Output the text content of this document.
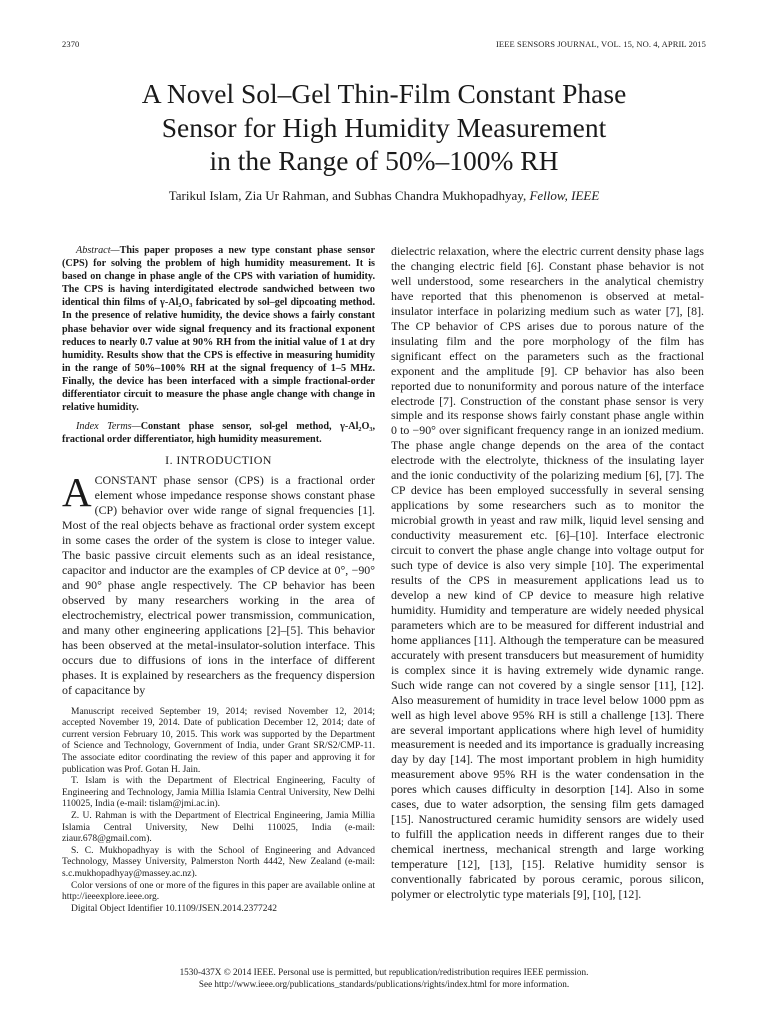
2370	IEEE SENSORS JOURNAL, VOL. 15, NO. 4, APRIL 2015
A Novel Sol–Gel Thin-Film Constant Phase
Sensor for High Humidity Measurement
in the Range of 50%–100% RH
Tarikul Islam, Zia Ur Rahman, and Subhas Chandra Mukhopadhyay, Fellow, IEEE

Abstract—This paper proposes a new type constant phase sensor (CPS) for solving the problem of high humidity measurement. It is based on change in phase angle of the CPS with variation of humidity. The CPS is having interdigitated electrode sandwiched between two identical thin films of γ-Al₂O₃ fabricated by sol–gel dipcoating method. In the presence of relative humidity, the device shows a fairly constant phase behavior over wide signal frequency and its fractional exponent reduces to nearly 0.7 value at 90% RH from the initial value of 1 at dry humidity. Results show that the CPS is effective in measuring humidity in the range of 50%–100% RH at the signal frequency of 1–5 MHz. Finally, the device has been interfaced with a simple fractional-order differentiator circuit to measure the phase angle change with change in relative humidity.

Index Terms—Constant phase sensor, sol-gel method, γ-Al₂O₃, fractional order differentiator, high humidity measurement.

I. INTRODUCTION

ACONSTANT phase sensor (CPS) is a fractional order element whose impedance response shows constant phase (CP) behavior over wide range of signal frequencies [1]. Most of the real objects behave as fractional order system except in some cases the order of the system is close to integer value. The basic passive circuit elements such as an ideal resistance, capacitor and inductor are the examples of CP device at 0°, −90° and 90° phase angle respectively. The CP behavior has been observed by many researchers working in the area of electrochemistry, electrical power transmission, communication, and many other engineering applications [2]–[5]. This behavior has been observed at the metal-insulator-solution interface. This occurs due to diffusions of ions in the interface of different phases. It is explained by researchers as the frequency dispersion of capacitance by

Manuscript received September 19, 2014; revised November 12, 2014; accepted November 19, 2014. Date of publication December 12, 2014; date of current version February 10, 2015. This work was supported by the Department of Science and Technology, Government of India, under Grant SR/S2/CMP-11. The associate editor coordinating the review of this paper and approving it for publication was Prof. Gotan H. Jain.

T. Islam is with the Department of Electrical Engineering, Faculty of Engineering and Technology, Jamia Millia Islamia Central University, New Delhi 110025, India (e-mail: tislam@jmi.ac.in).

Z. U. Rahman is with the Department of Electrical Engineering, Jamia Millia Islamia Central University, New Delhi 110025, India (e-mail: ziaur.678@gmail.com).

S. C. Mukhopadhyay is with the School of Engineering and Advanced Technology, Massey University, Palmerston North 4442, New Zealand (e-mail: s.c.mukhopadhyay@massey.ac.nz).

Color versions of one or more of the figures in this paper are available online at http://ieeexplore.ieee.org.

Digital Object Identifier 10.1109/JSEN.2014.2377242

dielectric relaxation, where the electric current density phase lags the changing electric field [6]. Constant phase behavior is not well understood, some researchers in the analytical chemistry have reported that this phenomenon is observed at metal-insulator interface in polarizing medium such as water [7], [8]. The CP behavior of CPS arises due to porous nature of the insulating film and the pore morphology of the film has significant effect on the parameters such as the fractional exponent and the amplitude [9]. CP behavior has also been reported due to nonuniformity and porous nature of the interface electrode [7]. Construction of the constant phase sensor is very simple and its response shows fairly constant phase angle within 0 to −90° over significant frequency range in an ionized medium. The phase angle change depends on the area of the contact electrode with the electrolyte, thickness of the insulating layer and the ionic conductivity of the polarizing medium [6], [7]. The CP device has been employed successfully in several sensing applications by some researchers such as to monitor the microbial growth in yeast and raw milk, liquid level sensing and conductivity measurement etc. [6]–[10]. Interface electronic circuit to convert the phase angle change into voltage output for such type of device is also very simple [10]. The experimental results of the CPS in measurement applications lead us to develop a new kind of CP device to measure high relative humidity. Humidity and temperature are widely needed physical parameters which are to be measured for different industrial and home appliances [11]. Although the temperature can be measured accurately with present transducers but measurement of humidity is complex since it is having extremely wide dynamic range. Such wide range can not covered by a single sensor [11], [12]. Also measurement of humidity in trace level below 1000 ppm as well as high level above 95% RH is still a challenge [13]. There are several important applications where high level of humidity measurement is needed and its importance is gradually increasing day by day [14]. The most important problem in high humidity measurement above 95% RH is the water condensation in the pores which causes difficulty in desorption [14]. Also in some cases, due to water adsorption, the sensing film gets damaged [15]. Nanostructured ceramic humidity sensors are widely used to fulfill the application needs in different ranges due to their chemical inertness, mechanical strength and large working temperature [12], [13], [15]. Relative humidity sensor is conventionally fabricated by porous ceramic, porous silicon, polymer or electrolytic type materials [9], [10], [12].

1530-437X © 2014 IEEE. Personal use is permitted, but republication/redistribution requires IEEE permission.
See http://www.ieee.org/publications_standards/publications/rights/index.html for more information.
